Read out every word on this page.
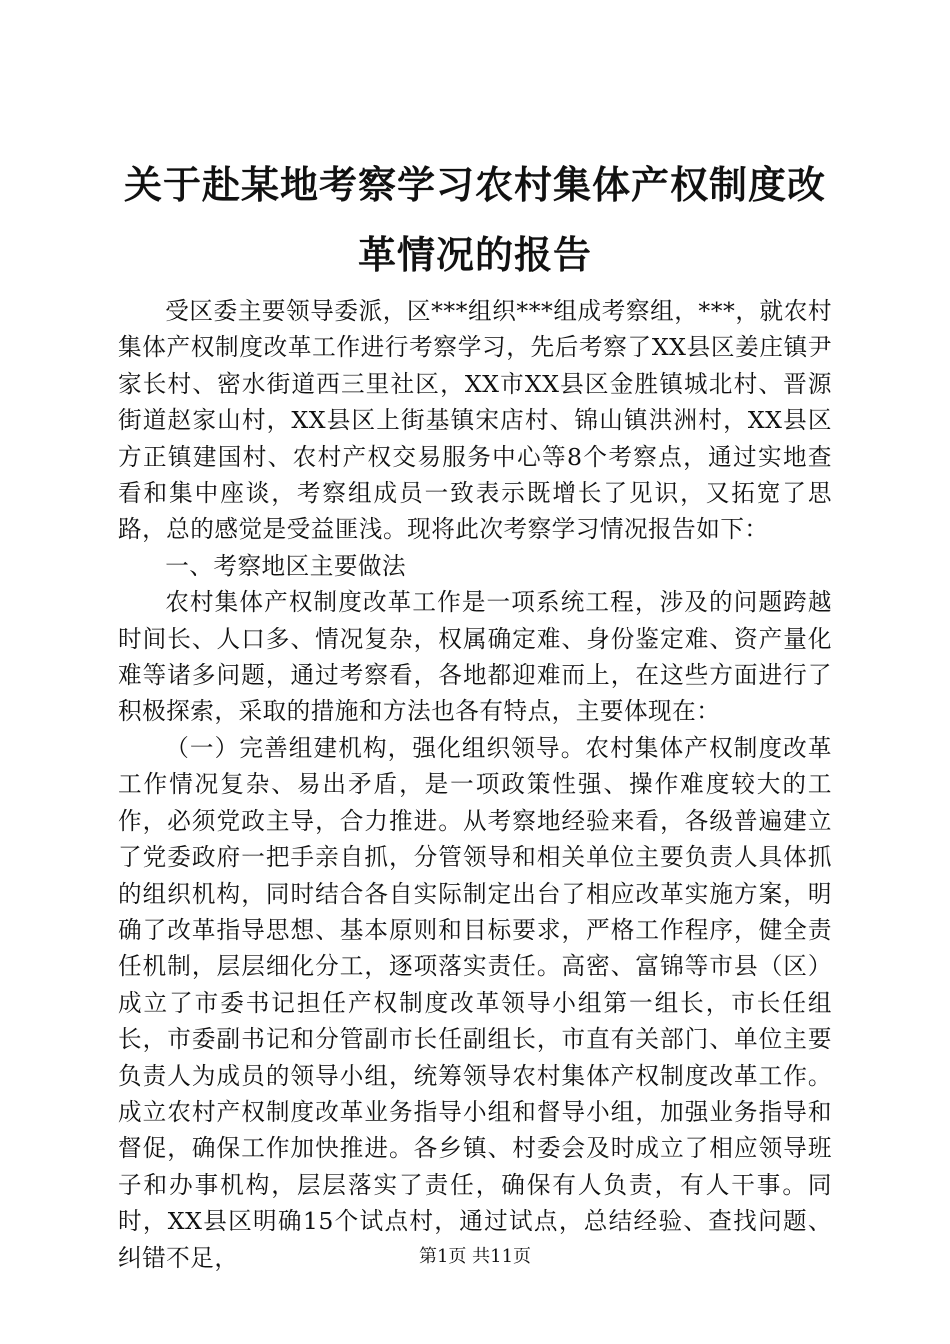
关于赴某地考察学习农村集体产权制度改革情况的报告

受区委主要领导委派，区***组织***组成考察组，***，就农村集体产权制度改革工作进行考察学习，先后考察了XX县区姜庄镇尹家长村、密水街道西三里社区，XX市XX县区金胜镇城北村、晋源街道赵家山村，XX县区上街基镇宋店村、锦山镇洪洲村，XX县区方正镇建国村、农村产权交易服务中心等8个考察点，通过实地查看和集中座谈，考察组成员一致表示既增长了见识，又拓宽了思路，总的感觉是受益匪浅。现将此次考察学习情况报告如下：

一、考察地区主要做法

农村集体产权制度改革工作是一项系统工程，涉及的问题跨越时间长、人口多、情况复杂，权属确定难、身份鉴定难、资产量化难等诸多问题，通过考察看，各地都迎难而上，在这些方面进行了积极探索，采取的措施和方法也各有特点，主要体现在：

（一）完善组建机构，强化组织领导。农村集体产权制度改革工作情况复杂、易出矛盾，是一项政策性强、操作难度较大的工作，必须党政主导，合力推进。从考察地经验来看，各级普遍建立了党委政府一把手亲自抓，分管领导和相关单位主要负责人具体抓的组织机构，同时结合各自实际制定出台了相应改革实施方案，明确了改革指导思想、基本原则和目标要求，严格工作程序，健全责任机制，层层细化分工，逐项落实责任。高密、富锦等市县（区）成立了市委书记担任产权制度改革领导小组第一组长，市长任组长，市委副书记和分管副市长任副组长，市直有关部门、单位主要负责人为成员的领导小组，统筹领导农村集体产权制度改革工作。成立农村产权制度改革业务指导小组和督导小组，加强业务指导和督促，确保工作加快推进。各乡镇、村委会及时成立了相应领导班子和办事机构，层层落实了责任，确保有人负责，有人干事。同时，XX县区明确15个试点村，通过试点，总结经验、查找问题、纠错不足，	第1页 共11页
